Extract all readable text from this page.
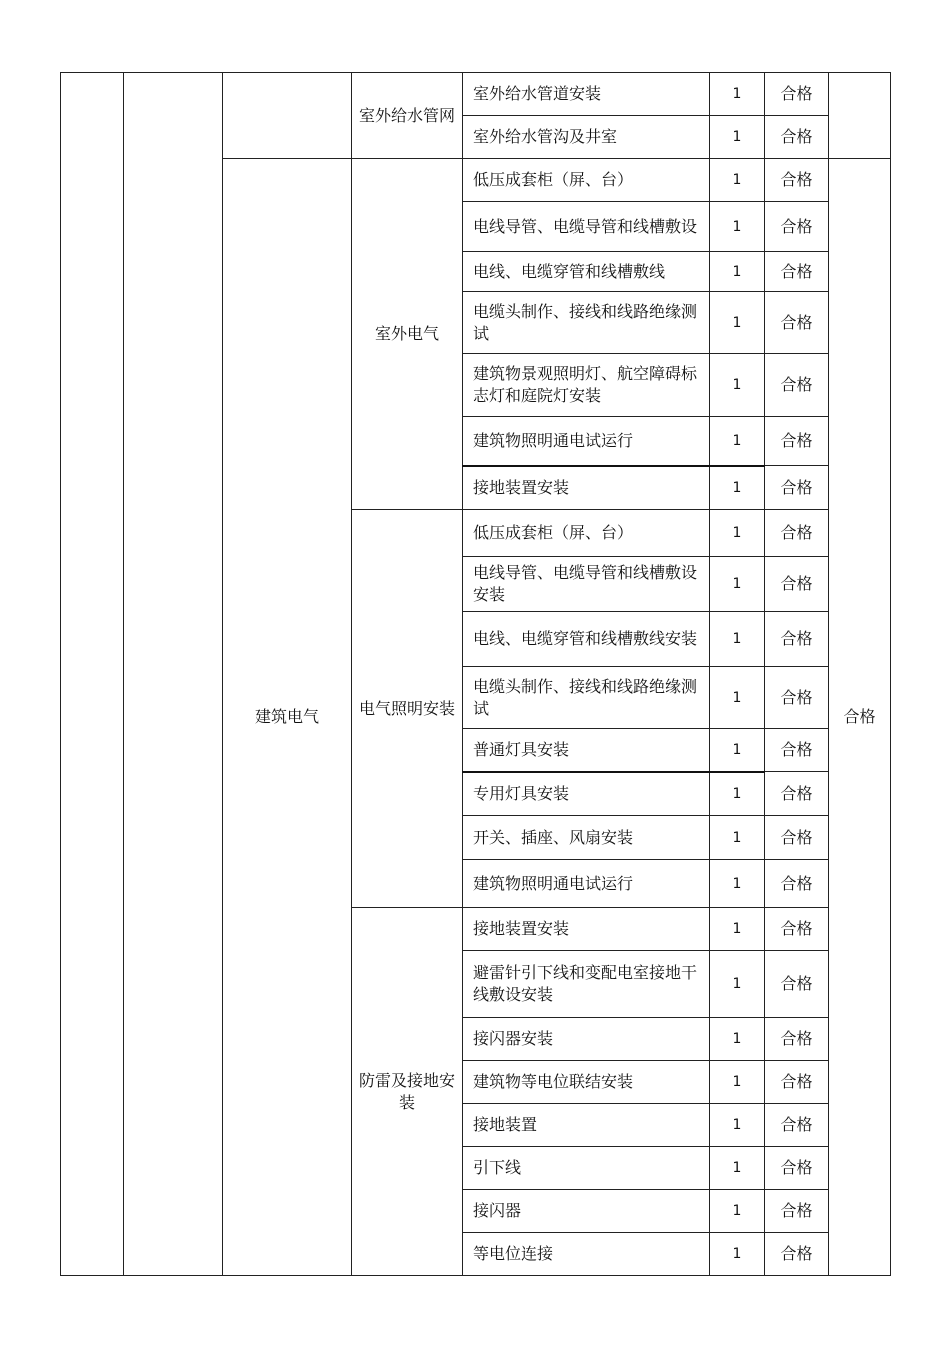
			室外给水管网	室外给水管道安装	1	合格	
				室外给水管沟及井室	1	合格	
		建筑电气	室外电气	低压成套柜（屏、台）	1	合格	合格
				电线导管、电缆导管和线槽敷设	1	合格	
				电线、电缆穿管和线槽敷线	1	合格	
				电缆头制作、接线和线路绝缘测试	1	合格	
				建筑物景观照明灯、航空障碍标志灯和庭院灯安装	1	合格	
				建筑物照明通电试运行	1	合格	
				接地装置安装	1	合格	
			电气照明安装	低压成套柜（屏、台）	1	合格	
				电线导管、电缆导管和线槽敷设安装	1	合格	
				电线、电缆穿管和线槽敷线安装	1	合格	
				电缆头制作、接线和线路绝缘测试	1	合格	
				普通灯具安装	1	合格	
				专用灯具安装	1	合格	
				开关、插座、风扇安装	1	合格	
				建筑物照明通电试运行	1	合格	
			防雷及接地安装	接地装置安装	1	合格	
				避雷针引下线和变配电室接地干线敷设安装	1	合格	
				接闪器安装	1	合格	
				建筑物等电位联结安装	1	合格	
				接地装置	1	合格	
				引下线	1	合格	
				接闪器	1	合格	
				等电位连接	1	合格	
